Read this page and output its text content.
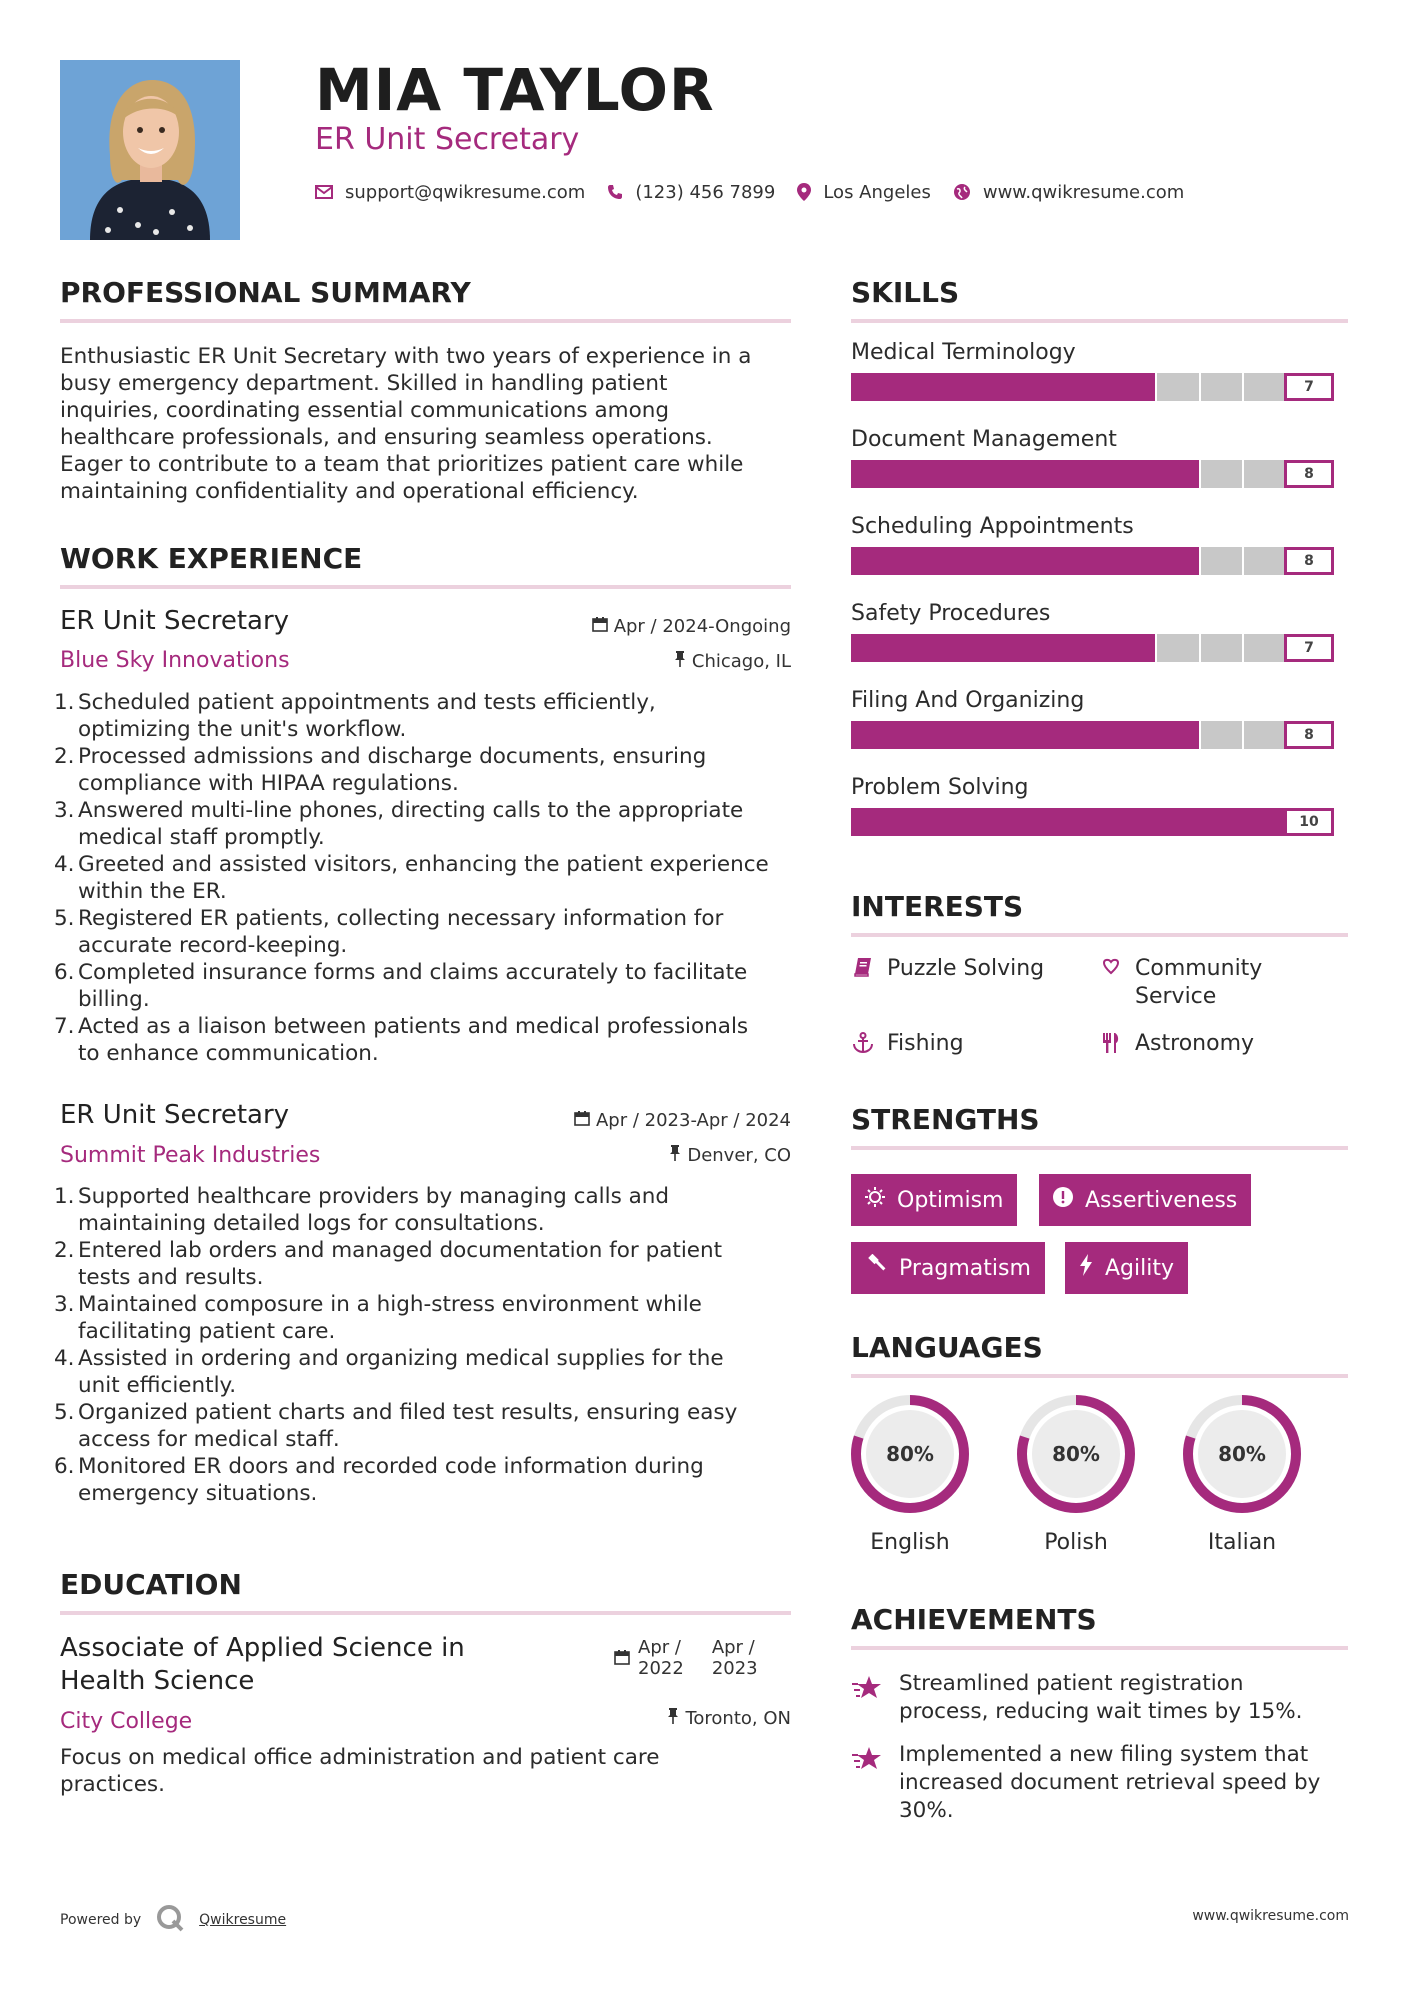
MIA TAYLOR
ER Unit Secretary
support@qwikresume.com	(123) 456 7899	Los Angeles	www.qwikresume.com
PROFESSIONAL SUMMARY
Enthusiastic ER Unit Secretary with two years of experience in a
busy emergency department. Skilled in handling patient
inquiries, coordinating essential communications among
healthcare professionals, and ensuring seamless operations.
Eager to contribute to a team that prioritizes patient care while
maintaining confidentiality and operational efficiency.
WORK EXPERIENCE
ER Unit Secretary	Apr / 2024-Ongoing
Blue Sky Innovations	Chicago, IL
1. Scheduled patient appointments and tests efficiently,
optimizing the unit's workflow.
2. Processed admissions and discharge documents, ensuring
compliance with HIPAA regulations.
3. Answered multi-line phones, directing calls to the appropriate
medical staff promptly.
4. Greeted and assisted visitors, enhancing the patient experience
within the ER.
5. Registered ER patients, collecting necessary information for
accurate record-keeping.
6. Completed insurance forms and claims accurately to facilitate
billing.
7. Acted as a liaison between patients and medical professionals
to enhance communication.
ER Unit Secretary	Apr / 2023-Apr / 2024
Summit Peak Industries	Denver, CO
1. Supported healthcare providers by managing calls and
maintaining detailed logs for consultations.
2. Entered lab orders and managed documentation for patient
tests and results.
3. Maintained composure in a high-stress environment while
facilitating patient care.
4. Assisted in ordering and organizing medical supplies for the
unit efficiently.
5. Organized patient charts and filed test results, ensuring easy
access for medical staff.
6. Monitored ER doors and recorded code information during
emergency situations.
EDUCATION
Associate of Applied Science in
Health Science
Apr /
2022
Apr /
2023
City College	Toronto, ON
Focus on medical office administration and patient care
practices.
SKILLS
Medical Terminology
7
Document Management
8
Scheduling Appointments
8
Safety Procedures
7
Filing And Organizing
8
Problem Solving
10
INTERESTS
Puzzle Solving	Community
Service
Fishing	Astronomy
STRENGTHS
Optimism	Assertiveness
Pragmatism	Agility
LANGUAGES
80%
English
80%
Polish
80%
Italian
ACHIEVEMENTS
Streamlined patient registration
process, reducing wait times by 15%.
Implemented a new filing system that
increased document retrieval speed by
30%.
Powered by	Qwikresume	www.qwikresume.com
